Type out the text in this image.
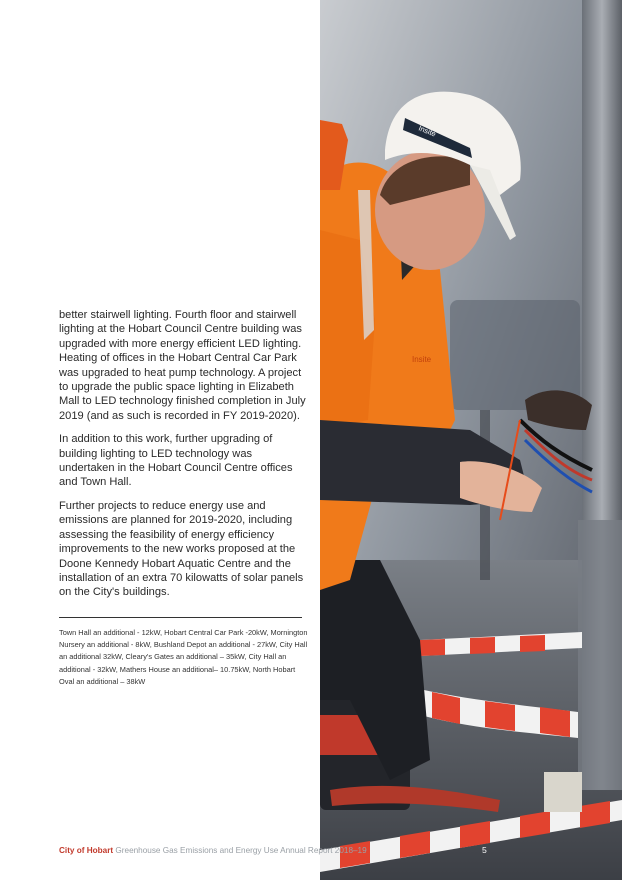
better stairwell lighting. Fourth floor and stairwell lighting at the Hobart Council Centre building was upgraded with more energy efficient LED lighting. Heating of offices in the Hobart Central Car Park was upgraded to heat pump technology. A project to upgrade the public space lighting in Elizabeth Mall to LED technology finished completion in July 2019 (and as such is recorded in FY 2019-2020).

In addition to this work, further upgrading of building lighting to LED technology was undertaken in the Hobart Council Centre offices and Town Hall.

Further projects to reduce energy use and emissions are planned for 2019-2020, including assessing the feasibility of energy efficiency improvements to the new works proposed at the Doone Kennedy Hobart Aquatic Centre and the installation of an extra 70 kilowatts of solar panels on the City's buildings.

Town Hall an additional - 12kW, Hobart Central Car Park -20kW, Mornington Nursery an additional - 8kW, Bushland Depot an additional - 27kW, City Hall an additional 32kW, Cleary's Gates an additional – 35kW, City Hall an additional - 32kW, Mathers House an additional– 10.75kW, North Hobart Oval an additional – 38kW

Insite
Insite
City of Hobart Greenhouse Gas Emissions and Energy Use Annual Report 2018–19	5
